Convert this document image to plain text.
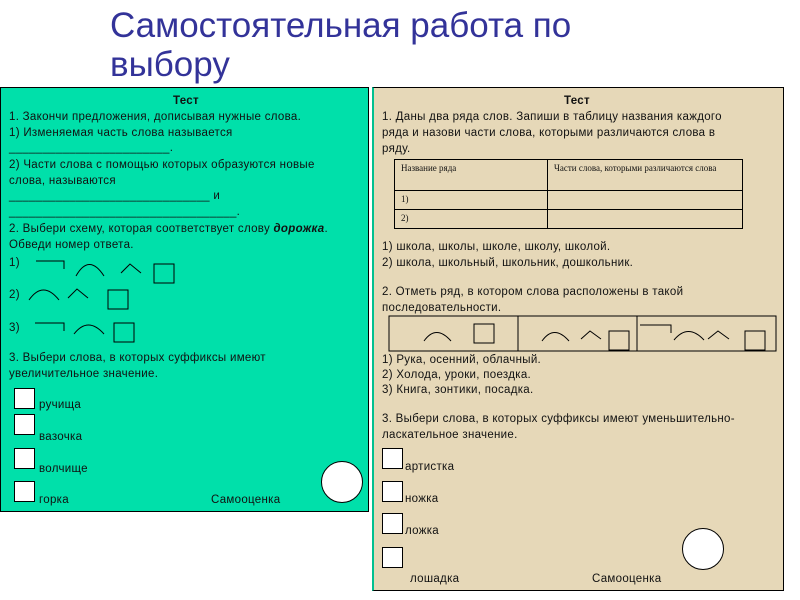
Самостоятельная работа по
выбору
Тест
1. Закончи предложения, дописывая нужные слова.
1) Изменяемая часть слова называется
________________________.
2) Части слова с помощью которых образуются новые
слова, называются
______________________________ и
__________________________________.
2. Выбери схему, которая соответствует слову дорожка.
Обведи номер ответа.
1)
2)
3)
3. Выбери слова, в которых суффиксы имеют
увеличительное значение.
ручища
вазочка
волчище
горка	Самооценка
Тест
1. Даны два ряда слов. Запиши в таблицу названия каждого
ряда и назови части слова, которыми различаются слова в
ряду.
Название ряда	Части слова, которыми различаются слова
1)	
2)	
1) школа, школы, школе, школу, школой.
2) школа, школьный, школьник, дошкольник.
2. Отметь ряд, в котором слова расположены в такой
последовательности.
1) Рука, осенний, облачный.
2) Холода, уроки, поездка.
3) Книга, зонтики, посадка.
3. Выбери слова, в которых суффиксы имеют уменьшительно-
ласкательное значение.
артистка
ножка
ложка
лошадка	Самооценка
